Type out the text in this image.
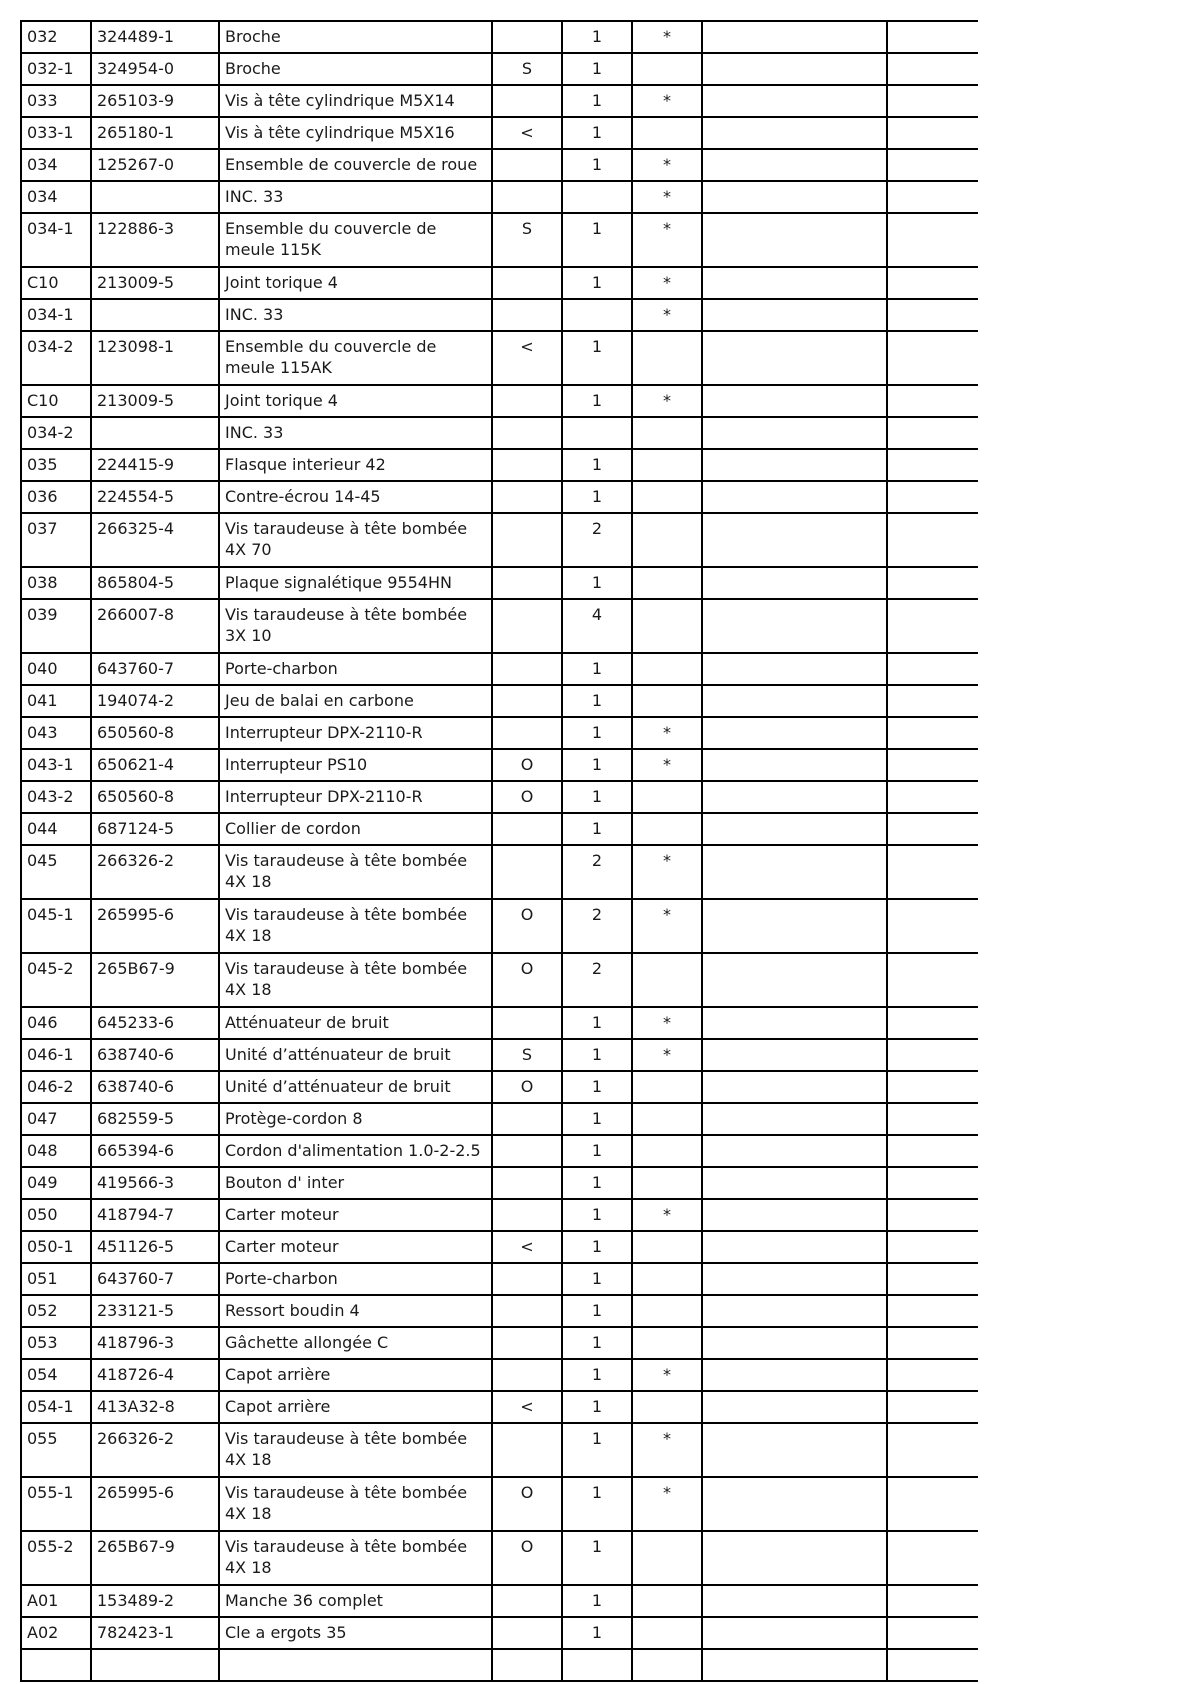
032	324489-1	Broche		1	*		
032-1	324954-0	Broche	S	1			
033	265103-9	Vis à tête cylindrique M5X14		1	*		
033-1	265180-1	Vis à tête cylindrique M5X16	<	1			
034	125267-0	Ensemble de couvercle de roue		1	*		
034		INC. 33			*		
034-1	122886-3	Ensemble du couvercle de meule 115K	S	1	*		
C10	213009-5	Joint torique 4		1	*		
034-1		INC. 33			*		
034-2	123098-1	Ensemble du couvercle de meule 115AK	<	1			
C10	213009-5	Joint torique 4		1	*		
034-2		INC. 33					
035	224415-9	Flasque interieur 42		1			
036	224554-5	Contre-écrou 14-45		1			
037	266325-4	Vis taraudeuse à tête bombée 4X 70		2			
038	865804-5	Plaque signalétique 9554HN		1			
039	266007-8	Vis taraudeuse à tête bombée 3X 10		4			
040	643760-7	Porte-charbon		1			
041	194074-2	Jeu de balai en carbone		1			
043	650560-8	Interrupteur DPX-2110-R		1	*		
043-1	650621-4	Interrupteur PS10	O	1	*		
043-2	650560-8	Interrupteur DPX-2110-R	O	1			
044	687124-5	Collier de cordon		1			
045	266326-2	Vis taraudeuse à tête bombée 4X 18		2	*		
045-1	265995-6	Vis taraudeuse à tête bombée 4X 18	O	2	*		
045-2	265B67-9	Vis taraudeuse à tête bombée 4X 18	O	2			
046	645233-6	Atténuateur de bruit		1	*		
046-1	638740-6	Unité d’atténuateur de bruit	S	1	*		
046-2	638740-6	Unité d’atténuateur de bruit	O	1			
047	682559-5	Protège-cordon 8		1			
048	665394-6	Cordon d'alimentation 1.0-2-2.5		1			
049	419566-3	Bouton d' inter		1			
050	418794-7	Carter moteur		1	*		
050-1	451126-5	Carter moteur	<	1			
051	643760-7	Porte-charbon		1			
052	233121-5	Ressort boudin 4		1			
053	418796-3	Gâchette allongée C		1			
054	418726-4	Capot arrière		1	*		
054-1	413A32-8	Capot arrière	<	1			
055	266326-2	Vis taraudeuse à tête bombée 4X 18		1	*		
055-1	265995-6	Vis taraudeuse à tête bombée 4X 18	O	1	*		
055-2	265B67-9	Vis taraudeuse à tête bombée 4X 18	O	1			
A01	153489-2	Manche 36 complet		1			
A02	782423-1	Cle a ergots 35		1			
